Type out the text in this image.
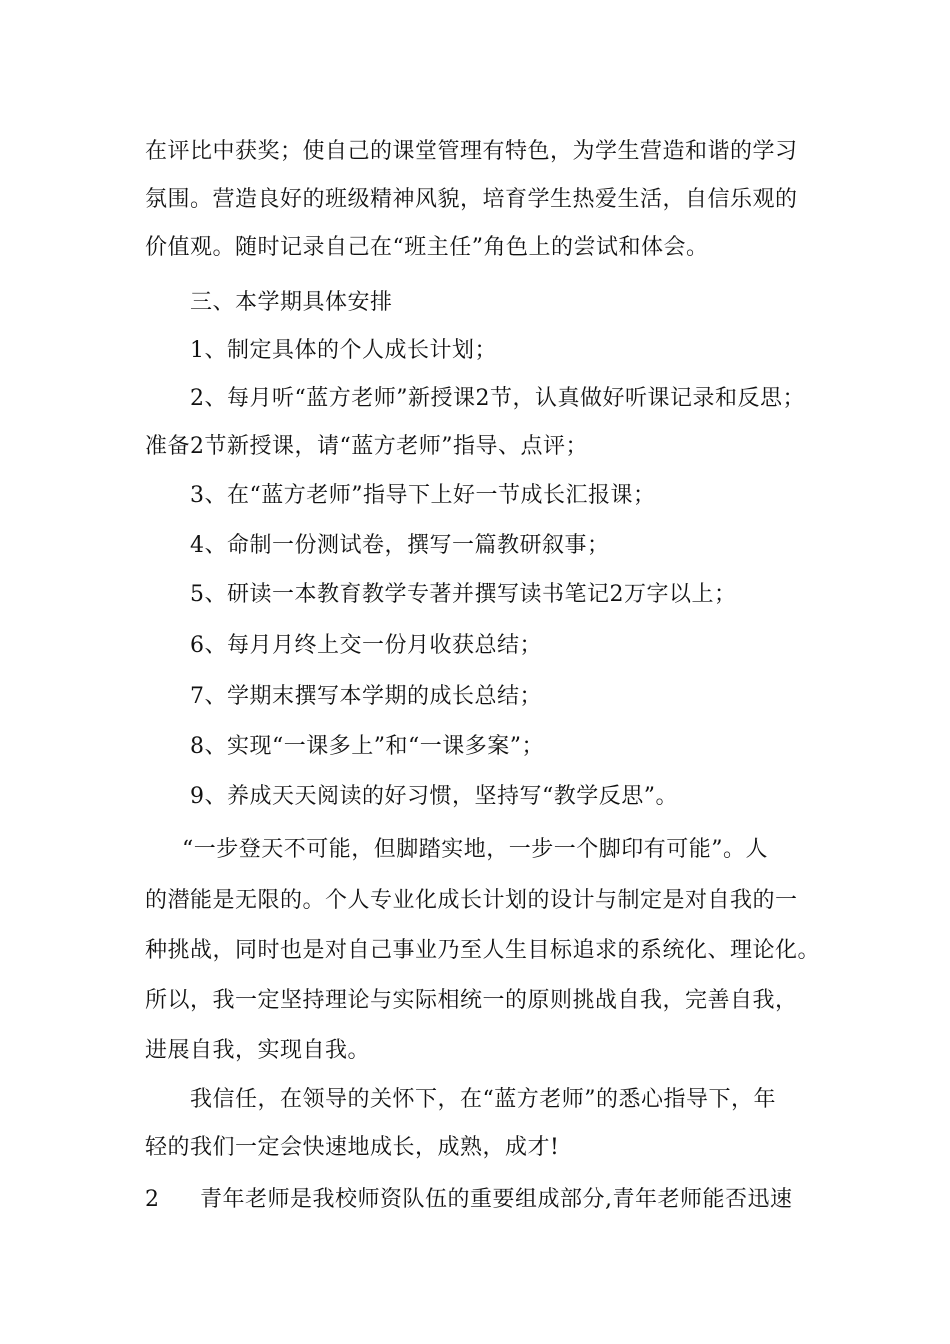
在评比中获奖；使自己的课堂管理有特色，为学生营造和谐的学习
氛围。营造良好的班级精神风貌，培育学生热爱生活，自信乐观的
价值观。随时记录自己在“班主任”角色上的尝试和体会。
三、本学期具体安排
1、制定具体的个人成长计划；
2、每月听“蓝方老师”新授课2节，认真做好听课记录和反思；
准备2节新授课，请“蓝方老师”指导、点评；
3、在“蓝方老师”指导下上好一节成长汇报课；
4、命制一份测试卷，撰写一篇教研叙事；
5、研读一本教育教学专著并撰写读书笔记2万字以上；
6、每月月终上交一份月收获总结；
7、学期末撰写本学期的成长总结；
8、实现“一课多上”和“一课多案”；
9、养成天天阅读的好习惯，坚持写“教学反思”。
“一步登天不可能，但脚踏实地，一步一个脚印有可能”。人
的潜能是无限的。个人专业化成长计划的设计与制定是对自我的一
种挑战，同时也是对自己事业乃至人生目标追求的系统化、理论化。
所以，我一定坚持理论与实际相统一的原则挑战自我，完善自我，
进展自我，实现自我。
我信任，在领导的关怀下，在“蓝方老师”的悉心指导下，年
轻的我们一定会快速地成长，成熟，成才!
2 青年老师是我校师资队伍的重要组成部分,青年老师能否迅速
